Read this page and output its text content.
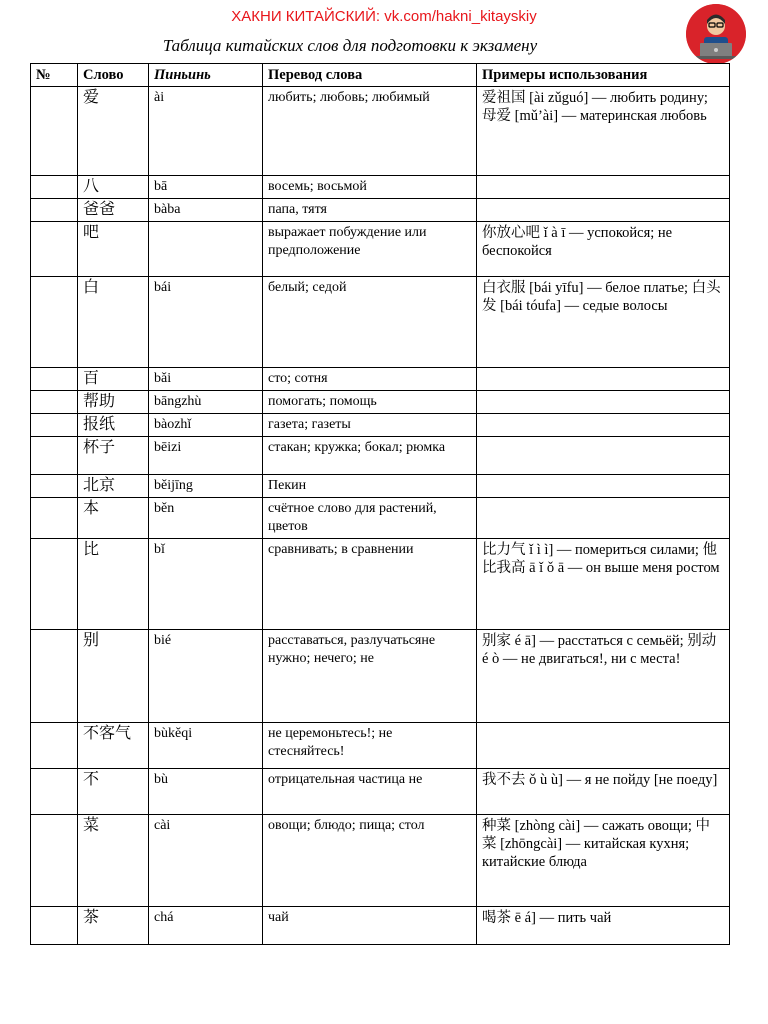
ХАКНИ КИТАЙСКИЙ: vk.com/hakni_kitayskiy
Таблица китайских слов для подготовки к экзамену
№	Слово	Пиньинь	Перевод слова	Примеры использования
	爱	ài	любить; любовь; любимый	爱祖国 [ài zǔguó] — любить родину; 母爱 [mǔ’ài] — материнская любовь
	八	bā	восемь; восьмой	
	爸爸	bàba	папа, тятя	
	吧		выражает побуждение или предположение	你放心吧 ǐ à ī — успокойся; не беспокойся
	白	bái	белый; седой	白衣服 [bái yīfu] — белое платье; 白头发 [bái tóufa] — седые волосы
	百	bǎi	сто; сотня	
	帮助	bāngzhù	помогать; помощь	
	报纸	bàozhǐ	газета; газеты	
	杯子	bēizi	стакан; кружка; бокал; рюмка	
	北京	běijīng	Пекин	
	本	běn	счётное слово для растений, цветов	
	比	bǐ	сравнивать; в сравнении	比力气 ǐ ì ì] — помериться силами; 他比我高 ā ǐ ǒ ā — он выше меня ростом
	别	bié	расставаться, разлучатьсяне нужно; нечего; не	别家 é ā] — расстаться с семьёй; 别动 é ò — не двигаться!, ни с места!
	不客气	bùkěqi	не церемоньтесь!; не стесняйтесь!	
	不	bù	отрицательная частица не	我不去 ǒ ù ù] — я не пойду [не поеду]
	菜	cài	овощи; блюдо; пища; стол	种菜 [zhòng cài] — сажать овощи; 中菜 [zhōngcài] — китайская кухня; китайские блюда
	茶	chá	чай	喝茶 ē á] — пить чай
